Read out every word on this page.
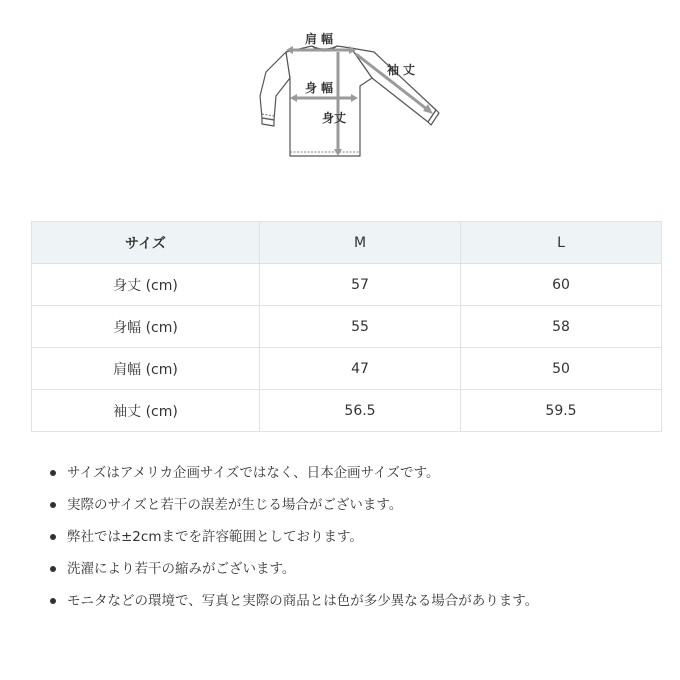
肩幅
身幅
身丈
袖丈
サイズ	M	L
身丈 (cm)	57	60
身幅 (cm)	55	58
肩幅 (cm)	47	50
袖丈 (cm)	56.5	59.5
サイズはアメリカ企画サイズではなく、日本企画サイズです。
実際のサイズと若干の誤差が生じる場合がございます。
弊社では±2cmまでを許容範囲としております。
洗濯により若干の縮みがございます。
モニタなどの環境で、写真と実際の商品とは色が多少異なる場合があります。
